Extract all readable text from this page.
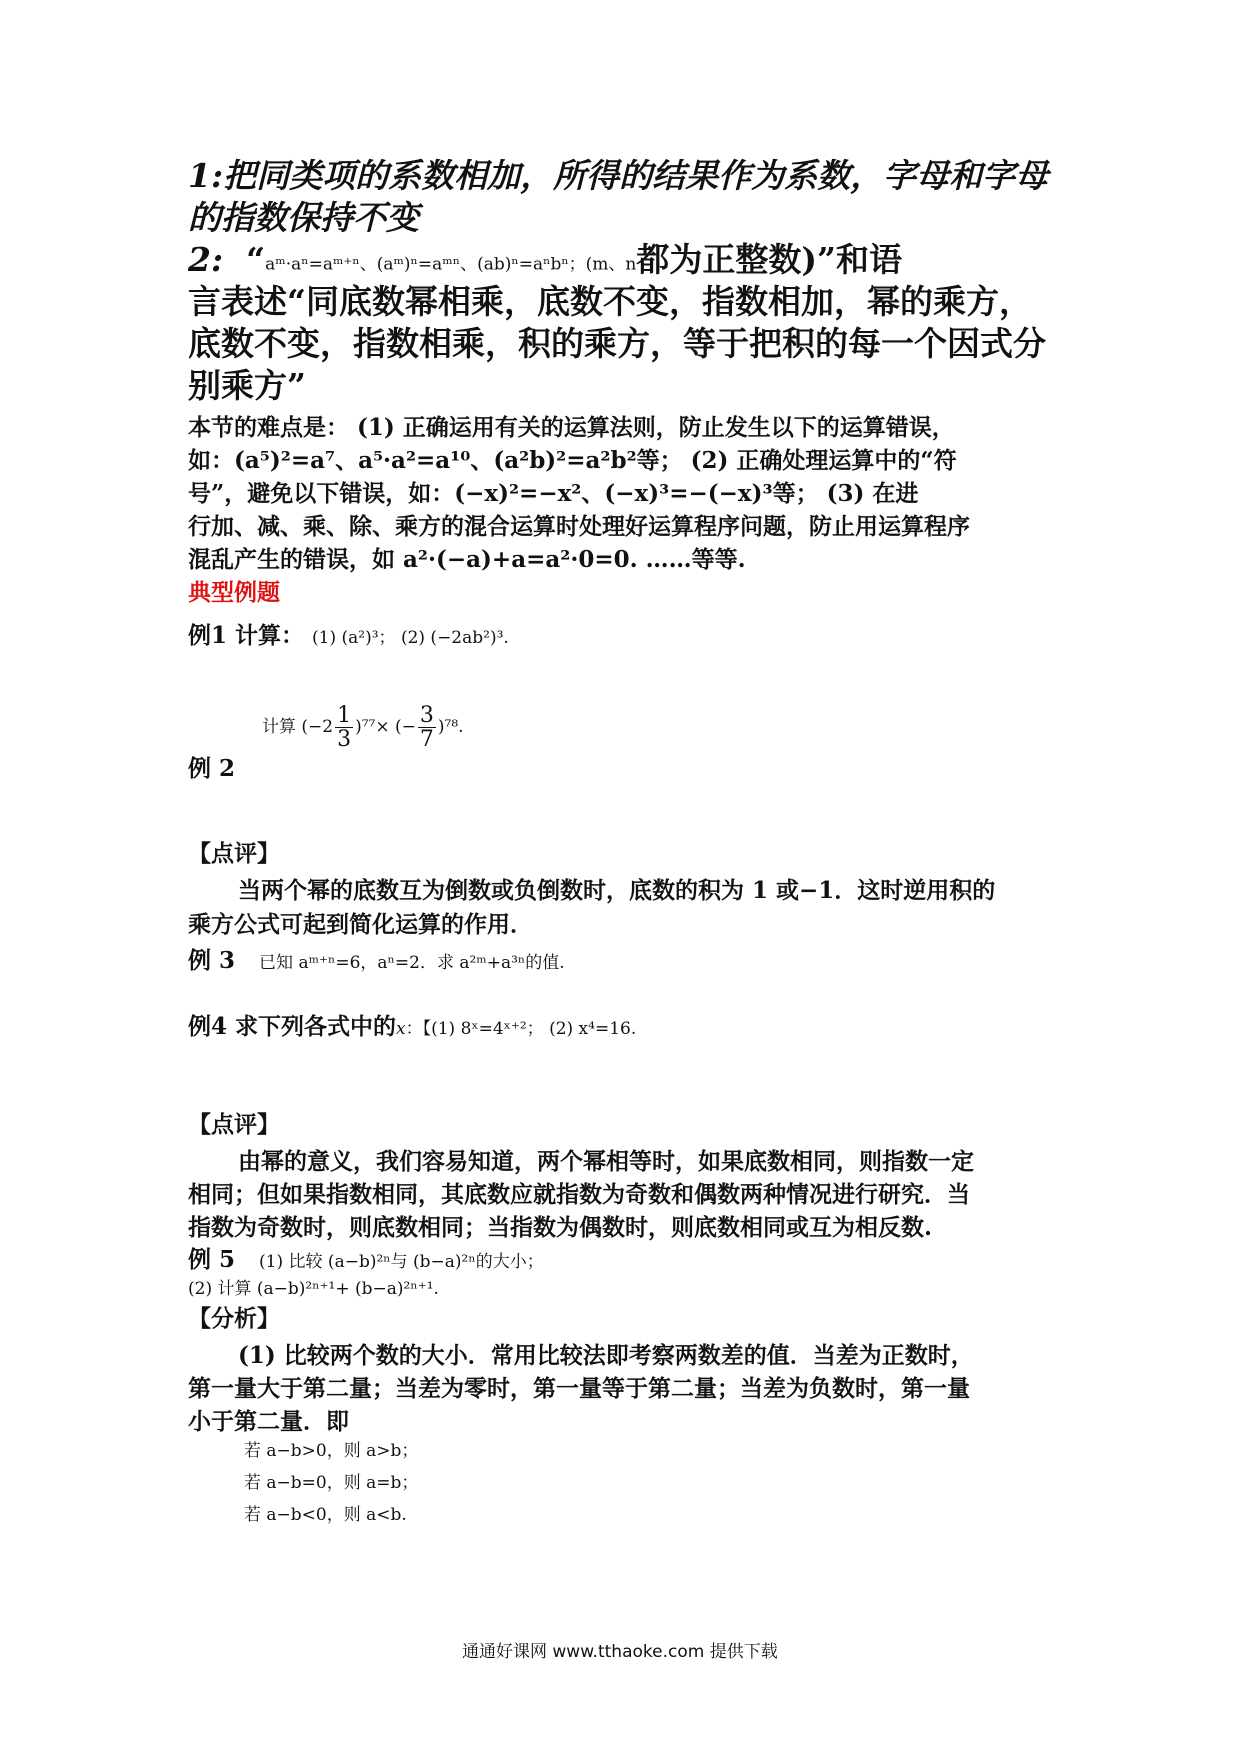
1:把同类项的系数相加，所得的结果作为系数，字母和字母
的指数保持不变
2:  “aᵐ·aⁿ=aᵐ⁺ⁿ、(aᵐ)ⁿ=aᵐⁿ、(ab)ⁿ=aⁿbⁿ；(m、n都为正整数)”和语
言表述“同底数幂相乘，底数不变，指数相加，幂的乘方，
底数不变，指数相乘，积的乘方，等于把积的每一个因式分
别乘方”
本节的难点是： (1) 正确运用有关的运算法则，防止发生以下的运算错误，
如：(a⁵)²=a⁷、a⁵·a²=a¹⁰、(a²b)²=a²b²等； (2) 正确处理运算中的“符
号”，避免以下错误，如：(−x)²=−x²、(−x)³=−(−x)³等； (3) 在进
行加、减、乘、除、乘方的混合运算时处理好运算程序问题，防止用运算程序
混乱产生的错误，如 a²·(−a)+a=a²·0=0. ……等等.
典型例题
例1 计算： (1) (a²)³； (2) (−2ab²)³.
计算 $(-2 \frac{1}{3} )^{77}\times$ (− $\frac{3}{7} )^{78}$.
例 2
【点评】
当两个幂的底数互为倒数或负倒数时，底数的积为 1 或−1．这时逆用积的
乘方公式可起到简化运算的作用．
例 3 已知 aᵐ⁺ⁿ=6，aⁿ=2．求 a²ᵐ+a³ⁿ的值.
例4 求下列各式中的x：【(1) 8ˣ=4ˣ⁺²； (2) x⁴=16.
【点评】
由幂的意义，我们容易知道，两个幂相等时，如果底数相同，则指数一定
相同；但如果指数相同，其底数应就指数为奇数和偶数两种情况进行研究．当
指数为奇数时，则底数相同；当指数为偶数时，则底数相同或互为相反数.
例 5 (1) 比较 (a−b)²ⁿ与 (b−a)²ⁿ的大小；
(2) 计算 (a−b)²ⁿ⁺¹+ (b−a)²ⁿ⁺¹.
【分析】
(1) 比较两个数的大小．常用比较法即考察两数差的值．当差为正数时，
第一量大于第二量；当差为零时，第一量等于第二量；当差为负数时，第一量
小于第二量．即
若 a−b>0，则 a>b；
若 a−b=0，则 a=b；
若 a−b<0，则 a<b.
通通好课网 www.tthaoke.com 提供下载
